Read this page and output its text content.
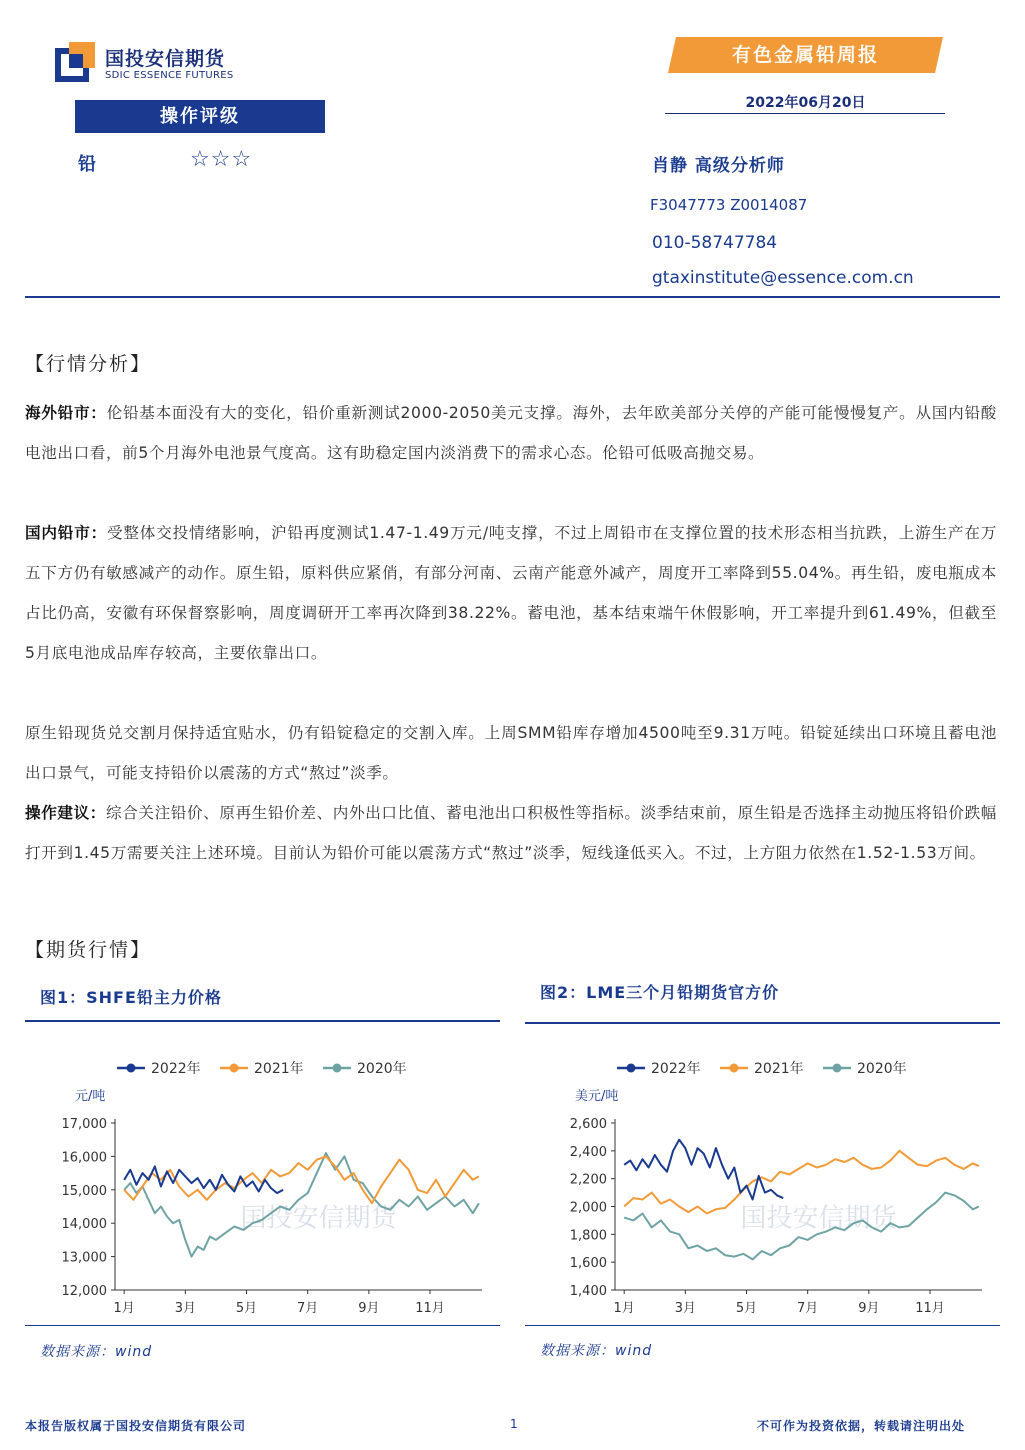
国投安信期货
SDIC ESSENCE FUTURES
有色金属铅周报
2022年06月20日
操作评级
铅	☆☆☆	肖静 高级分析师
F3047773 Z0014087
010-58747784
gtaxinstitute@essence.com.cn
【行情分析】
海外铅市：伦铅基本面没有大的变化，铅价重新测试2000-2050美元支撑。海外，去年欧美部分关停的产能可能慢慢复产。从国内铅酸电池出口看，前5个月海外电池景气度高。这有助稳定国内淡消费下的需求心态。伦铅可低吸高抛交易。
国内铅市：受整体交投情绪影响，沪铅再度测试1.47-1.49万元/吨支撑，不过上周铅市在支撑位置的技术形态相当抗跌，上游生产在万五下方仍有敏感减产的动作。原生铅，原料供应紧俏，有部分河南、云南产能意外减产，周度开工率降到55.04%。再生铅，废电瓶成本占比仍高，安徽有环保督察影响，周度调研开工率再次降到38.22%。蓄电池，基本结束端午休假影响，开工率提升到61.49%，但截至5月底电池成品库存较高，主要依靠出口。
原生铅现货兑交割月保持适宜贴水，仍有铅锭稳定的交割入库。上周SMM铅库存增加4500吨至9.31万吨。铅锭延续出口环境且蓄电池出口景气，可能支持铅价以震荡的方式“熬过”淡季。
操作建议：综合关注铅价、原再生铅价差、内外出口比值、蓄电池出口积极性等指标。淡季结束前，原生铅是否选择主动抛压将铅价跌幅打开到1.45万需要关注上述环境。目前认为铅价可能以震荡方式“熬过”淡季，短线逢低买入。不过，上方阻力依然在1.52-1.53万间。
【期货行情】
图1：SHFE铅主力价格
国投安信期货
2022年	2021年	2020年
元/吨
12,000
13,000
14,000
15,000
16,000
17,000
1月	3月	5月	7月	9月	11月
数据来源：wind
图2：LME三个月铅期货官方价
国投安信期货
2022年	2021年	2020年
美元/吨
1,400
1,600
1,800
2,000
2,200
2,400
2,600
1月	3月	5月	7月	9月	11月
数据来源：wind
本报告版权属于国投安信期货有限公司	1	不可作为投资依据，转载请注明出处
